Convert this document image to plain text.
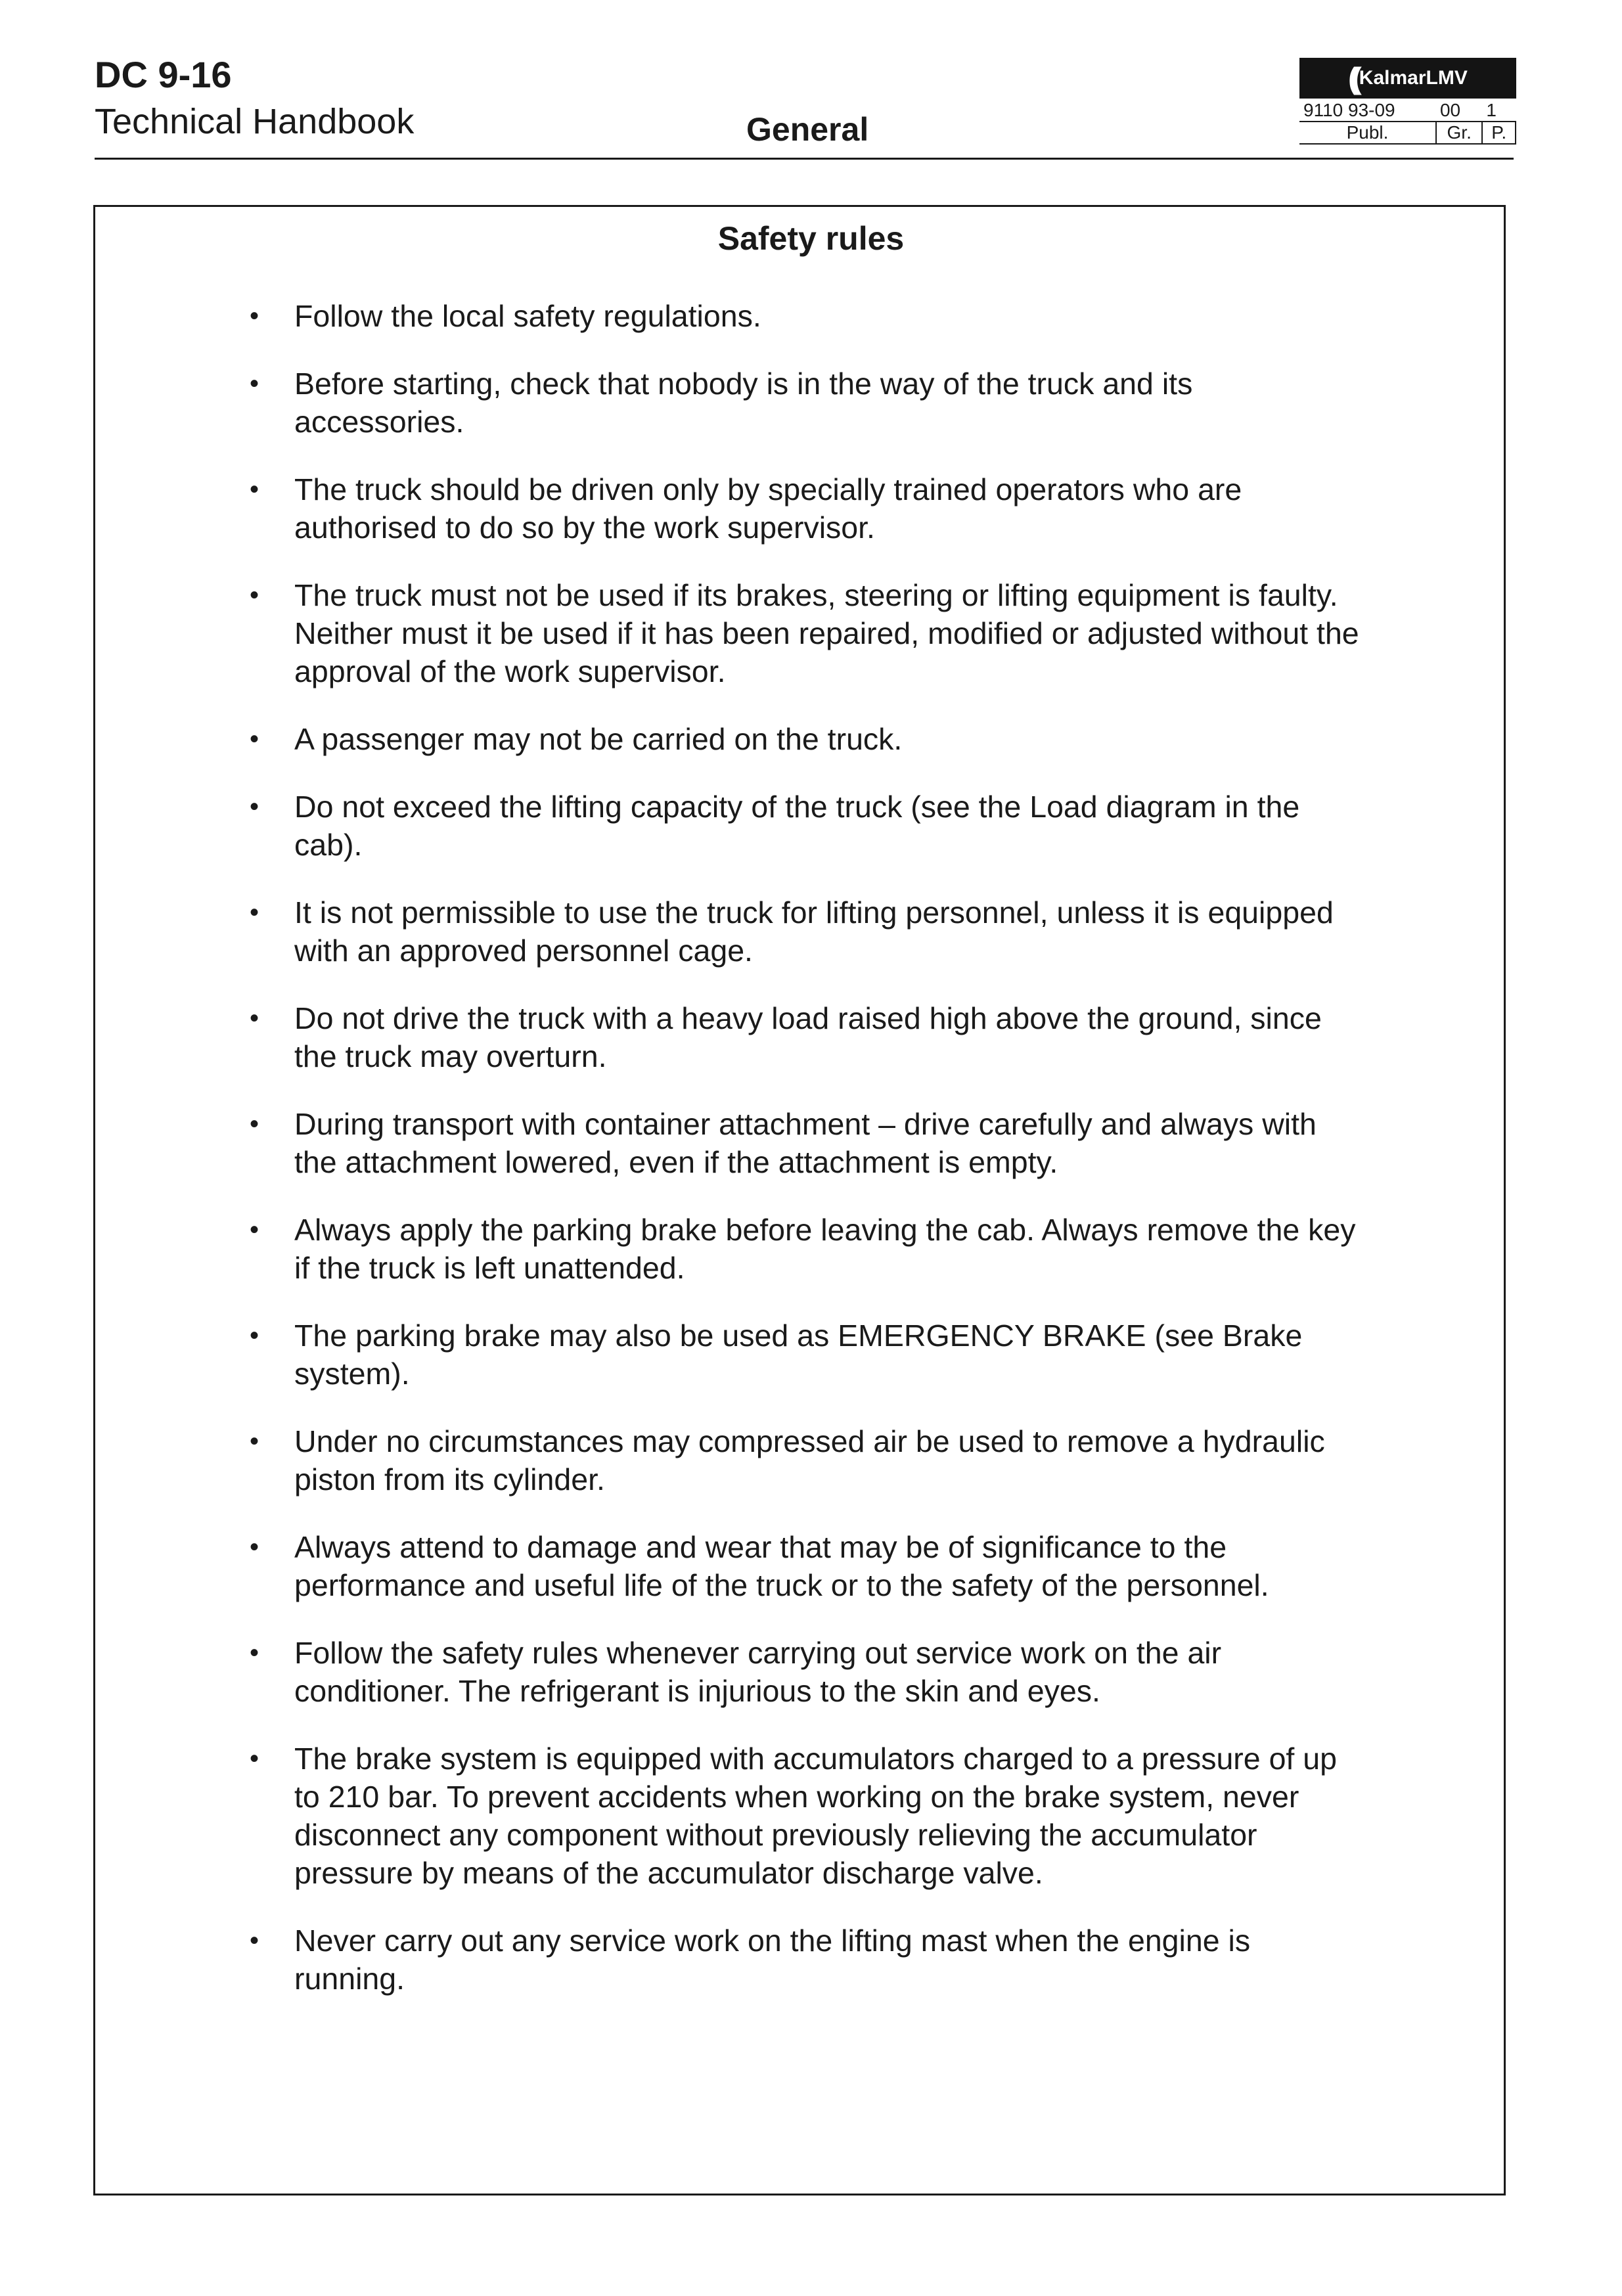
DC 9-16
Technical Handbook	General
(( KalmarLMV
9110 93-09	00	1
Publ.	Gr.	P.
Safety rules
• Follow the local safety regulations.
• Before starting, check that nobody is in the way of the truck and its accessories.
• The truck should be driven only by specially trained operators who are authorised to do so by the work supervisor.
• The truck must not be used if its brakes, steering or lifting equipment is faulty. Neither must it be used if it has been repaired, modified or adjusted without the approval of the work supervisor.
• A passenger may not be carried on the truck.
• Do not exceed the lifting capacity of the truck (see the Load diagram in the cab).
• It is not permissible to use the truck for lifting personnel, unless it is equipped with an approved personnel cage.
• Do not drive the truck with a heavy load raised high above the ground, since the truck may overturn.
• During transport with container attachment – drive carefully and always with the attachment lowered, even if the attachment is empty.
• Always apply the parking brake before leaving the cab. Always remove the key if the truck is left unattended.
• The parking brake may also be used as EMERGENCY BRAKE (see Brake system).
• Under no circumstances may compressed air be used to remove a hydraulic piston from its cylinder.
• Always attend to damage and wear that may be of significance to the performance and useful life of the truck or to the safety of the personnel.
• Follow the safety rules whenever carrying out service work on the air conditioner. The refrigerant is injurious to the skin and eyes.
• The brake system is equipped with accumulators charged to a pressure of up to 210 bar. To prevent accidents when working on the brake system, never disconnect any component without previously relieving the accumulator pressure by means of the accumulator discharge valve.
• Never carry out any service work on the lifting mast when the engine is running.
